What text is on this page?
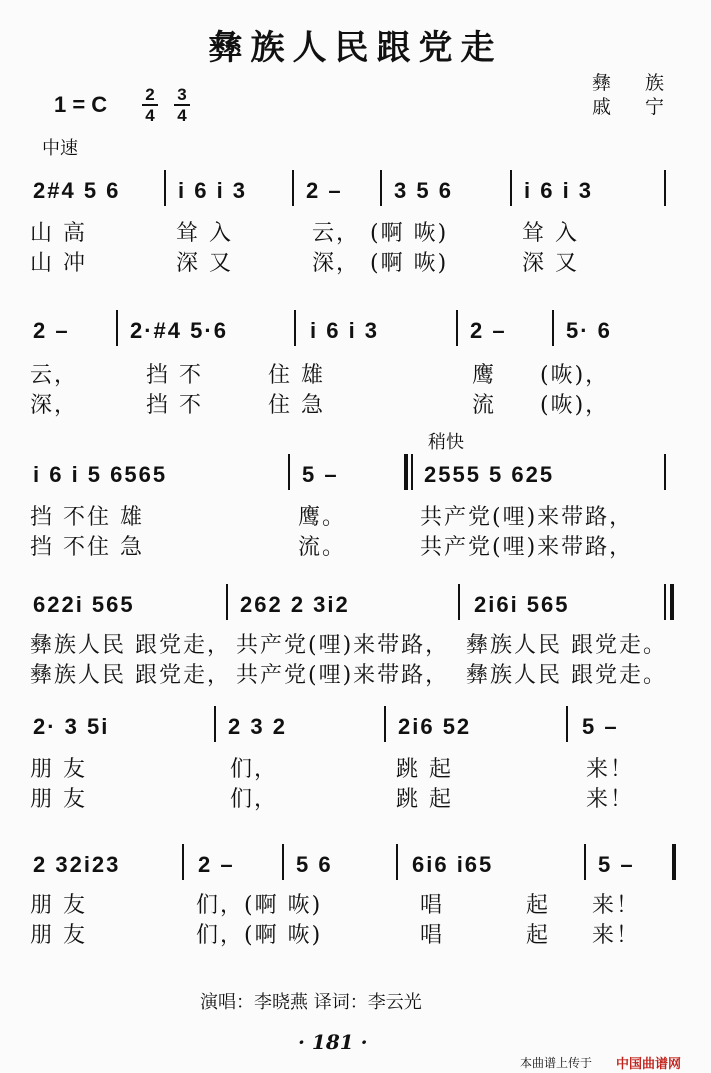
彝族人民跟党走
1 = C 2
4
3
4
彝 族
戚 宁
中速
稍快
2#4 5 6	i 6 i 3	2 – 3 5 6	i 6 i 3
山 高	耸 入	云， (啊 咴)	耸 入
山 冲	深 又	深， (啊 咴)	深 又
2 –	2·#4 5·6	i 6 i 3	2 –	5· 6
云，	挡 不	住 雄	鹰 (咴)，
深，	挡 不	住 急	流 (咴)，
i 6 i 5 6565	5 –	2555 5 625
挡 不住 雄	鹰。	共产党(哩)来带路，
挡 不住 急	流。	共产党(哩)来带路，
622i 565	262 2 3i2	2i6i 565
彝族人民 跟党走， 共产党(哩)来带路， 彝族人民 跟党走。
彝族人民 跟党走， 共产党(哩)来带路， 彝族人民 跟党走。
2· 3 5i	2 3 2	2i6 52	5 –
朋 友	们，	跳 起	来！
朋 友	们，	跳 起	来！
2 32i23	2 –	5 6	6i6 i65	5 –
朋 友	们，(啊 咴)	唱	起 来！
朋 友	们，(啊 咴)	唱	起 来！
演唱：李晓燕 译词：李云光
· 181 ·
本曲谱上传于 中国曲谱网
